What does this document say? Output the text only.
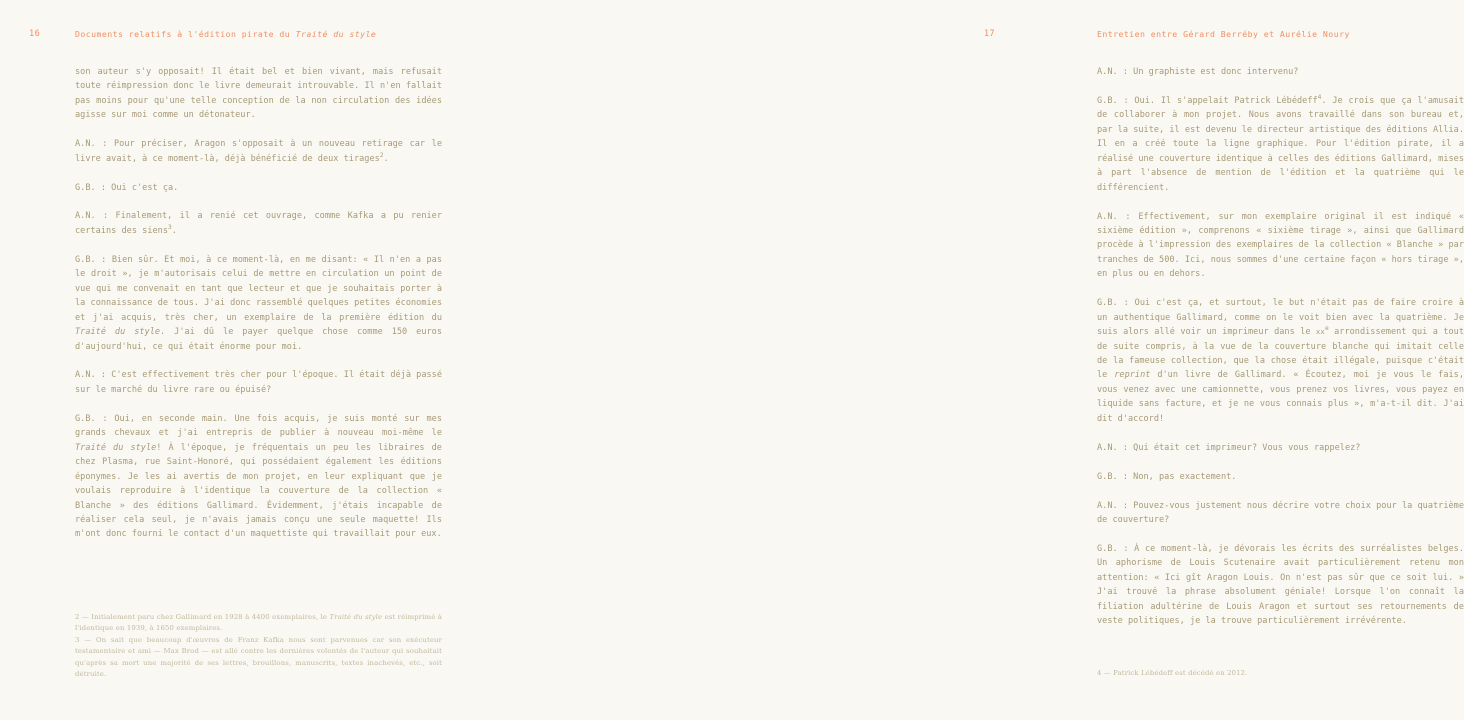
16	Documents relatifs à l'édition pirate du Traité du style

son auteur s'y opposait! Il était bel et bien vivant, mais refusait toute réimpression donc le livre demeurait introuvable. Il n'en fallait pas moins pour qu'une telle conception de la non circulation des idées agisse sur moi comme un détonateur.

A.N. : Pour préciser, Aragon s'opposait à un nouveau retirage car le livre avait, à ce moment-là, déjà bénéficié de deux tirages$^2$.

G.B. : Oui c'est ça.

A.N. : Finalement, il a renié cet ouvrage, comme Kafka a pu renier certains des siens$^3$.

G.B. : Bien sûr. Et moi, à ce moment-là, en me disant: « Il n'en a pas le droit », je m'autorisais celui de mettre en circulation un point de vue qui me convenait en tant que lecteur et que je souhaitais porter à la connaissance de tous. J'ai donc rassemblé quelques petites économies et j'ai acquis, très cher, un exemplaire de la première édition du Traité du style. J'ai dû le payer quelque chose comme 150 euros d'aujourd'hui, ce qui était énorme pour moi.

A.N. : C'est effectivement très cher pour l'époque. Il était déjà passé sur le marché du livre rare ou épuisé?

G.B. : Oui, en seconde main. Une fois acquis, je suis monté sur mes grands chevaux et j'ai entrepris de publier à nouveau moi-même le Traité du style! À l'époque, je fréquentais un peu les libraires de chez Plasma, rue Saint-Honoré, qui possédaient également les éditions éponymes. Je les ai avertis de mon projet, en leur expliquant que je voulais reproduire à l'identique la couverture de la collection « Blanche » des éditions Gallimard. Évidemment, j'étais incapable de réaliser cela seul, je n'avais jamais conçu une seule maquette! Ils m'ont donc fourni le contact d'un maquettiste qui travaillait pour eux.

2 — Initialement paru chez Gallimard en 1928 à 4400 exemplaires, le Traité du style est réimprimé à l'identique en 1939, à 1650 exemplaires.

3 — On sait que beaucoup d'œuvres de Franz Kafka nous sont parvenues car son exécuteur testamentaire et ami — Max Brod — est allé contre les dernières volontés de l'auteur qui souhaitait qu'après sa mort une majorité de ses lettres, brouillons, manuscrits, textes inachevés, etc., soit détruite.

Entretien entre Gérard Berréby et Aurélie Noury
17

A.N. : Un graphiste est donc intervenu?

G.B. : Oui. Il s'appelait Patrick Lébédeff$^4$. Je crois que ça l'amusait de collaborer à mon projet. Nous avons travaillé dans son bureau et, par la suite, il est devenu le directeur artistique des éditions Allia. Il en a créé toute la ligne graphique. Pour l'édition pirate, il a réalisé une couverture identique à celles des éditions Gallimard, mises à part l'absence de mention de l'édition et la quatrième qui le différencient.

A.N. : Effectivement, sur mon exemplaire original il est indiqué « sixième édition », comprenons « sixième tirage », ainsi que Gallimard procède à l'impression des exemplaires de la collection « Blanche » par tranches de 500. Ici, nous sommes d'une certaine façon « hors tirage », en plus ou en dehors.

G.B. : Oui c'est ça, et surtout, le but n'était pas de faire croire à un authentique Gallimard, comme on le voit bien avec la quatrième. Je suis alors allé voir un imprimeur dans le $xx^e$ arrondissement qui a tout de suite compris, à la vue de la couverture blanche qui imitait celle de la fameuse collection, que la chose était illégale, puisque c'était le reprint d'un livre de Gallimard. « Écoutez, moi je vous le fais, vous venez avec une camionnette, vous prenez vos livres, vous payez en liquide sans facture, et je ne vous connais plus », m'a-t-il dit. J'ai dit d'accord!

A.N. : Qui était cet imprimeur? Vous vous rappelez?

G.B. : Non, pas exactement.

A.N. : Pouvez-vous justement nous décrire votre choix pour la quatrième de couverture?

G.B. : À ce moment-là, je dévorais les écrits des surréalistes belges. Un aphorisme de Louis Scutenaire avait particulièrement retenu mon attention: « Ici gît Aragon Louis. On n'est pas sûr que ce soit lui. » J'ai trouvé la phrase absolument géniale! Lorsque l'on connaît la filiation adultérine de Louis Aragon et surtout ses retournements de veste politiques, je la trouve particulièrement irrévérente.

4 — Patrick Lébédeff est décédé en 2012.
